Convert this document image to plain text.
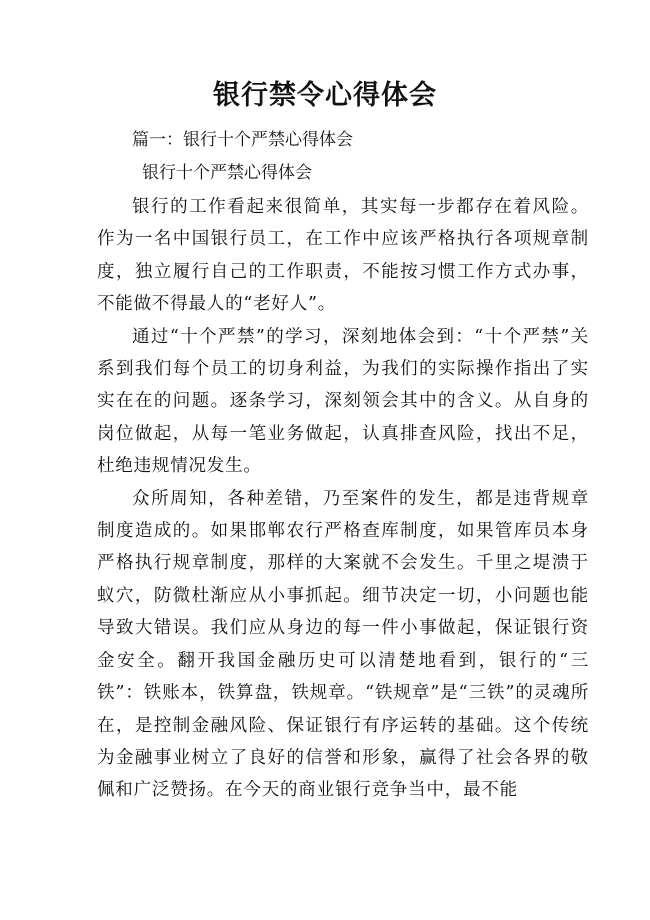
银行禁令心得体会

篇一：银行十个严禁心得体会

银行十个严禁心得体会

银行的工作看起来很简单，其实每一步都存在着风险。作为一名中国银行员工，在工作中应该严格执行各项规章制度，独立履行自己的工作职责，不能按习惯工作方式办事，不能做不得最人的“老好人”。

通过“十个严禁”的学习，深刻地体会到：“十个严禁”关系到我们每个员工的切身利益，为我们的实际操作指出了实实在在的问题。逐条学习，深刻领会其中的含义。从自身的岗位做起，从每一笔业务做起，认真排查风险，找出不足，杜绝违规情况发生。

众所周知，各种差错，乃至案件的发生，都是违背规章制度造成的。如果邯郸农行严格查库制度，如果管库员本身严格执行规章制度，那样的大案就不会发生。千里之堤溃于蚁穴，防微杜渐应从小事抓起。细节决定一切，小问题也能导致大错误。我们应从身边的每一件小事做起，保证银行资金安全。翻开我国金融历史可以清楚地看到，银行的“三铁”：铁账本，铁算盘，铁规章。“铁规章”是“三铁”的灵魂所在，是控制金融风险、保证银行有序运转的基础。这个传统为金融事业树立了良好的信誉和形象，赢得了社会各界的敬佩和广泛赞扬。在今天的商业银行竞争当中，最不能
